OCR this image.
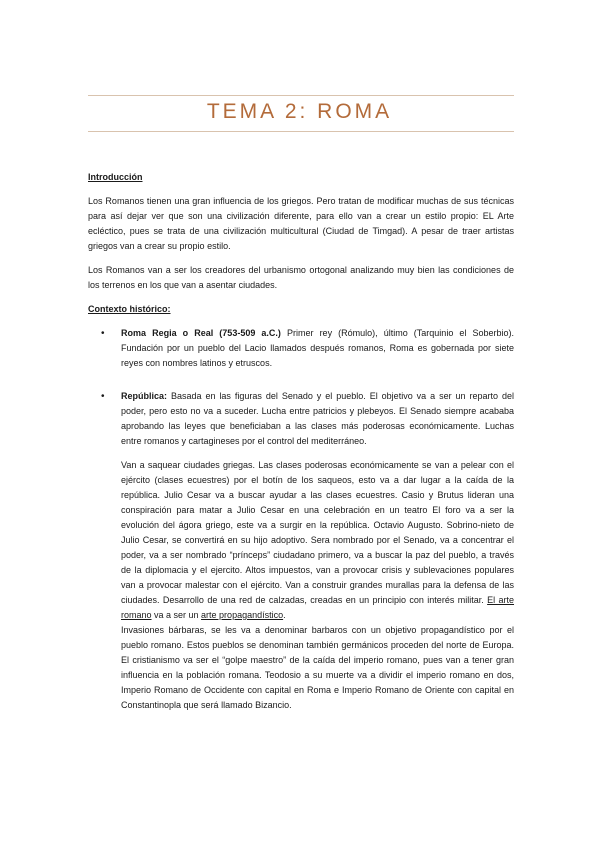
TEMA 2: ROMA
Introducción

Los Romanos tienen una gran influencia de los griegos. Pero tratan de modificar muchas de sus técnicas para así dejar ver que son una civilización diferente, para ello van a crear un estilo propio: EL Arte ecléctico, pues se trata de una civilización multicultural (Ciudad de Timgad). A pesar de traer artistas griegos van a crear su propio estilo.

Los Romanos van a ser los creadores del urbanismo ortogonal analizando muy bien las condiciones de los terrenos en los que van a asentar ciudades.

Contexto histórico:
• Roma Regia o Real (753-509 a.C.) Primer rey (Rómulo), último (Tarquinio el Soberbio). Fundación por un pueblo del Lacio llamados después romanos, Roma es gobernada por siete reyes con nombres latinos y etruscos.

• República: Basada en las figuras del Senado y el pueblo. El objetivo va a ser un reparto del poder, pero esto no va a suceder. Lucha entre patricios y plebeyos. El Senado siempre acababa aprobando las leyes que beneficiaban a las clases más poderosas económicamente. Luchas entre romanos y cartagineses por el control del mediterráneo.

Van a saquear ciudades griegas. Las clases poderosas económicamente se van a pelear con el ejército (clases ecuestres) por el botín de los saqueos, esto va a dar lugar a la caída de la república. Julio Cesar va a buscar ayudar a las clases ecuestres. Casio y Brutus lideran una conspiración para matar a Julio Cesar en una celebración en un teatro El foro va a ser la evolución del ágora griego, este va a surgir en la república. Octavio Augusto. Sobrino-nieto de Julio Cesar, se convertirá en su hijo adoptivo. Sera nombrado por el Senado, va a concentrar el poder, va a ser nombrado “prínceps” ciudadano primero, va a buscar la paz del pueblo, a través de la diplomacia y el ejercito. Altos impuestos, van a provocar crisis y sublevaciones populares van a provocar malestar con el ejército. Van a construir grandes murallas para la defensa de las ciudades. Desarrollo de una red de calzadas, creadas en un principio con interés militar. El arte romano va a ser un arte propagandístico.

Invasiones bárbaras, se les va a denominar barbaros con un objetivo propagandístico por el pueblo romano. Estos pueblos se denominan también germánicos proceden del norte de Europa. El cristianismo va ser el “golpe maestro” de la caída del imperio romano, pues van a tener gran influencia en la población romana. Teodosio a su muerte va a dividir el imperio romano en dos, Imperio Romano de Occidente con capital en Roma e Imperio Romano de Oriente con capital en Constantinopla que será llamado Bizancio.
